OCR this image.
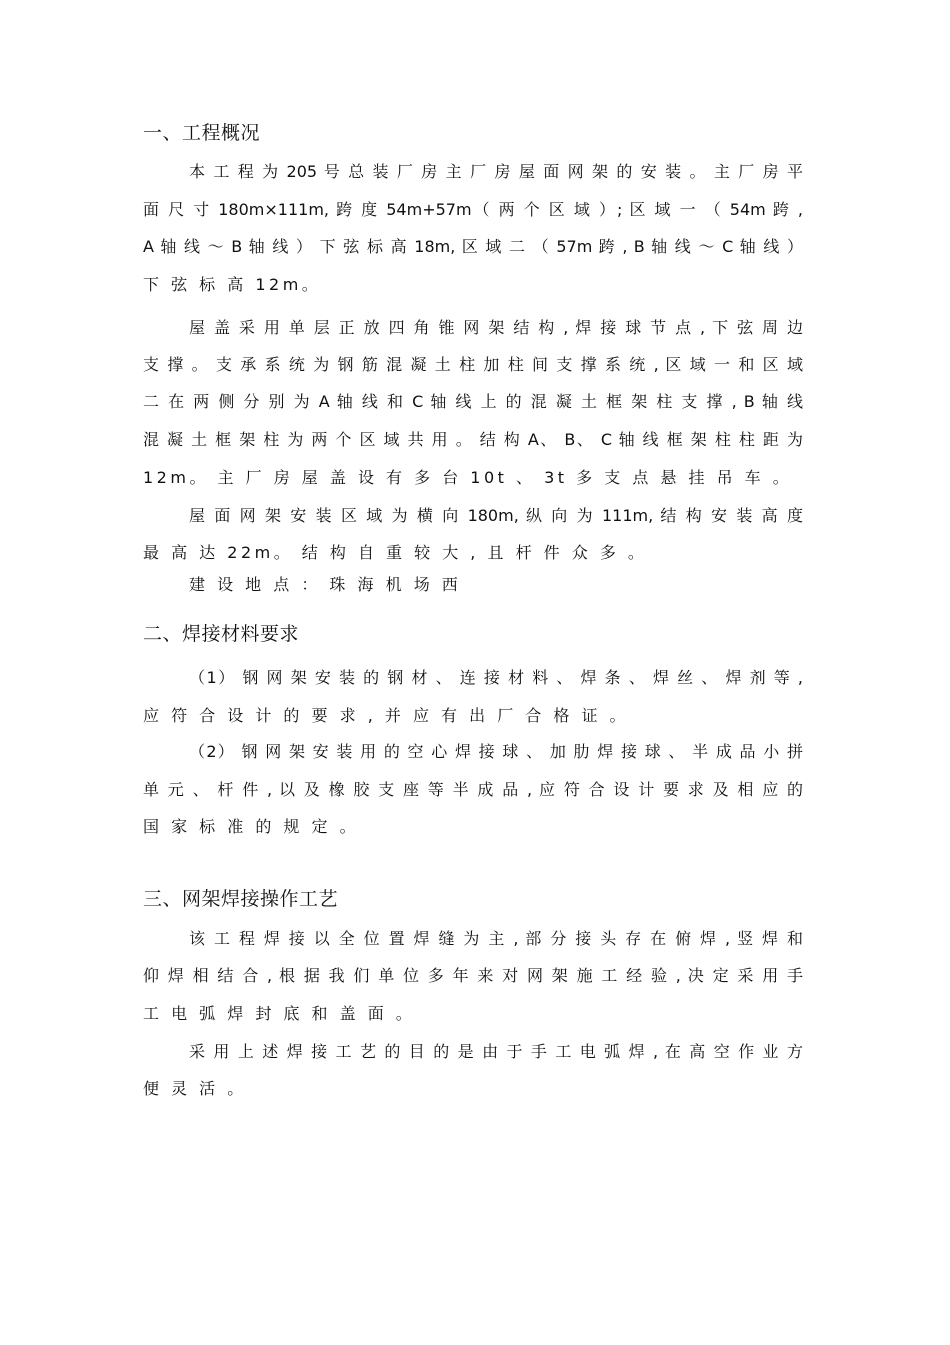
一、工程概况
本 工 程 为 205 号 总 装 厂 房 主 厂 房 屋 面 网 架 的 安 装 。 主 厂 房 平
面 尺 寸 180m×111m, 跨 度 54m+57m（ 两 个 区 域 ）; 区 域 一 （ 54m 跨 ,
A 轴 线 ～ B 轴 线 ） 下 弦 标 高 18m, 区 域 二 （ 57m 跨 , B 轴 线 ～ C 轴 线 ）
下 弦 标 高 12m。
屋 盖 采 用 单 层 正 放 四 角 锥 网 架 结 构 , 焊 接 球 节 点 , 下 弦 周 边
支 撑 。 支 承 系 统 为 钢 筋 混 凝 土 柱 加 柱 间 支 撑 系 统 , 区 域 一 和 区 域
二 在 两 侧 分 别 为 A 轴 线 和 C 轴 线 上 的 混 凝 土 框 架 柱 支 撑 , B 轴 线
混 凝 土 框 架 柱 为 两 个 区 域 共 用 。 结 构 A、 B、 C 轴 线 框 架 柱 柱 距 为
12m。 主 厂 房 屋 盖 设 有 多 台 10t 、 3t 多 支 点 悬 挂 吊 车 。
屋 面 网 架 安 装 区 域 为 横 向 180m, 纵 向 为 111m, 结 构 安 装 高 度
最 高 达 22m。 结 构 自 重 较 大 , 且 杆 件 众 多 。
建 设 地 点 ： 珠 海 机 场 西
二、焊接材料要求
（1） 钢 网 架 安 装 的 钢 材 、 连 接 材 料 、 焊 条 、 焊 丝 、 焊 剂 等 ,
应 符 合 设 计 的 要 求 , 并 应 有 出 厂 合 格 证 。
（2） 钢 网 架 安 装 用 的 空 心 焊 接 球 、 加 肋 焊 接 球 、 半 成 品 小 拼
单 元 、 杆 件 , 以 及 橡 胶 支 座 等 半 成 品 , 应 符 合 设 计 要 求 及 相 应 的
国 家 标 准 的 规 定 。
三、网架焊接操作工艺
该 工 程 焊 接 以 全 位 置 焊 缝 为 主 , 部 分 接 头 存 在 俯 焊 , 竖 焊 和
仰 焊 相 结 合 , 根 据 我 们 单 位 多 年 来 对 网 架 施 工 经 验 , 决 定 采 用 手
工 电 弧 焊 封 底 和 盖 面 。
采 用 上 述 焊 接 工 艺 的 目 的 是 由 于 手 工 电 弧 焊 , 在 高 空 作 业 方
便 灵 活 。
